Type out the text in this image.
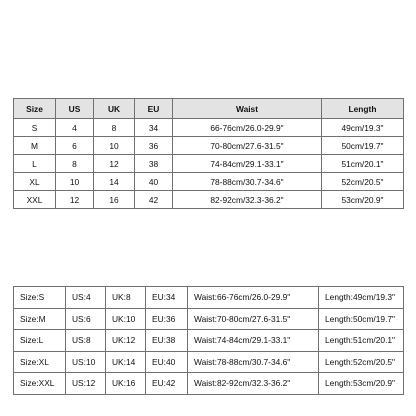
Size	US	UK	EU	Waist	Length
S	4	8	34	66-76cm/26.0-29.9"	49cm/19.3"
M	6	10	36	70-80cm/27.6-31.5"	50cm/19.7"
L	8	12	38	74-84cm/29.1-33.1"	51cm/20.1"
XL	10	14	40	78-88cm/30.7-34.6"	52cm/20.5"
XXL	12	16	42	82-92cm/32.3-36.2"	53cm/20.9"
Size:S	US:4	UK:8	EU:34	Waist:66-76cm/26.0-29.9"	Length:49cm/19.3"
Size:M	US:6	UK:10	EU:36	Waist:70-80cm/27.6-31.5"	Length:50cm/19.7"
Size:L	US:8	UK:12	EU:38	Waist:74-84cm/29.1-33.1"	Length:51cm/20.1"
Size:XL	US:10	UK:14	EU:40	Waist:78-88cm/30.7-34.6"	Length:52cm/20.5"
Size:XXL	US:12	UK:16	EU:42	Waist:82-92cm/32.3-36.2"	Length:53cm/20.9"
